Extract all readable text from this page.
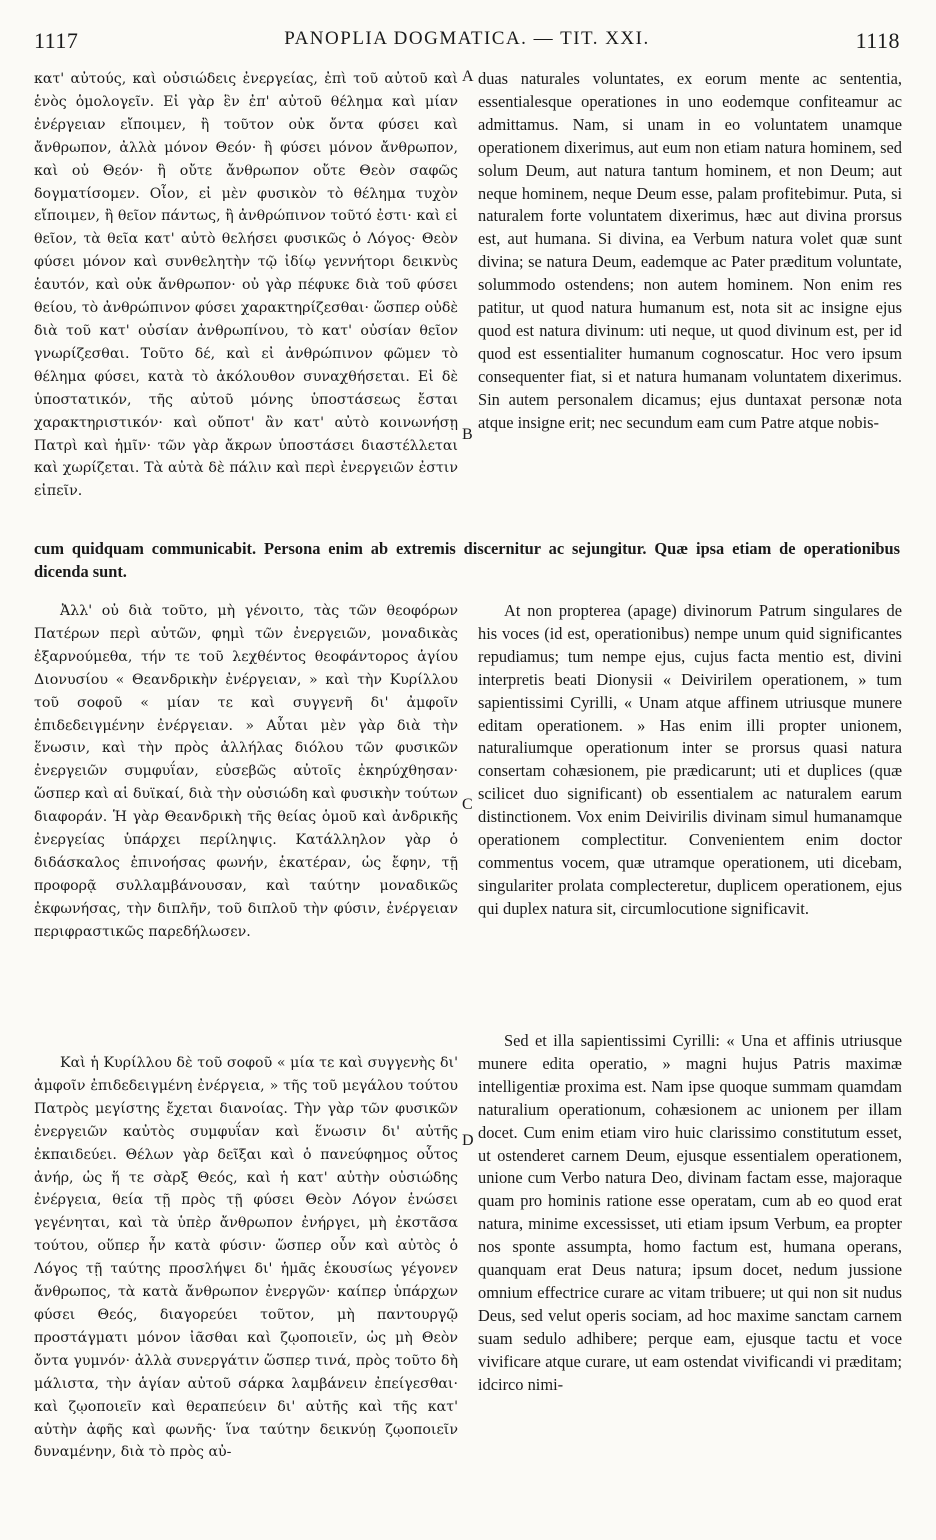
1117	PANOPLIA DOGMATICA. — TIT. XXI.	1118

κατ' αὐτούς, καὶ οὐσιώδεις ἐνεργείας, ἐπὶ τοῦ αὐτοῦ καὶ ἑνὸς ὁμολογεῖν. Εἰ γὰρ ἓν ἐπ' αὐτοῦ θέλημα καὶ μίαν ἐνέργειαν εἴποιμεν, ἢ τοῦτον οὐκ ὄντα φύσει καὶ ἄνθρωπον, ἀλλὰ μόνον Θεόν· ἢ φύσει μόνον ἄνθρωπον, καὶ οὐ Θεόν· ἢ οὔτε ἄνθρωπον οὔτε Θεὸν σαφῶς δογματίσομεν. Οἷον, εἰ μὲν φυσικὸν τὸ θέλημα τυχὸν εἴποιμεν, ἢ θεῖον πάντως, ἢ ἀνθρώπινον τοῦτό ἐστι· καὶ εἰ θεῖον, τὰ θεῖα κατ' αὐτὸ θελήσει φυσικῶς ὁ Λόγος· Θεὸν φύσει μόνον καὶ συνθελητὴν τῷ ἰδίῳ γεννήτορι δεικνὺς ἑαυτόν, καὶ οὐκ ἄνθρωπον· οὐ γὰρ πέφυκε διὰ τοῦ φύσει θείου, τὸ ἀνθρώπινον φύσει χαρακτηρίζεσθαι· ὥσπερ οὐδὲ διὰ τοῦ κατ' οὐσίαν ἀνθρωπίνου, τὸ κατ' οὐσίαν θεῖον γνωρίζεσθαι. Τοῦτο δέ, καὶ εἰ ἀνθρώπινον φῶμεν τὸ θέλημα φύσει, κατὰ τὸ ἀκόλουθον συναχθήσεται. Εἰ δὲ ὑποστατικόν, τῆς αὐτοῦ μόνης ὑποστάσεως ἔσται χαρακτηριστικόν· καὶ οὔποτ' ἂν κατ' αὐτὸ κοινωνήσῃ Πατρὶ καὶ ἡμῖν· τῶν γὰρ ἄκρων ὑποστάσει διαστέλλεται καὶ χωρίζεται. Τὰ αὐτὰ δὲ πάλιν καὶ περὶ ἐνεργειῶν ἐστιν εἰπεῖν.

duas naturales voluntates, ex eorum mente ac sententia, essentialesque operationes in uno eodemque confiteamur ac admittamus. Nam, si unam in eo voluntatem unamque operationem dixerimus, aut eum non etiam natura hominem, sed solum Deum, aut natura tantum hominem, et non Deum; aut neque hominem, neque Deum esse, palam profitebimur. Puta, si naturalem forte voluntatem dixerimus, hæc aut divina prorsus est, aut humana. Si divina, ea Verbum natura volet quæ sunt divina; se natura Deum, eademque ac Pater præditum voluntate, solummodo ostendens; non autem hominem. Non enim res patitur, ut quod natura humanum est, nota sit ac insigne ejus quod est natura divinum: uti neque, ut quod divinum est, per id quod est essentialiter humanum cognoscatur. Hoc vero ipsum consequenter fiat, si et natura humanam voluntatem dixerimus. Sin autem personalem dicamus; ejus duntaxat personæ nota atque insigne erit; nec secundum eam cum Patre atque nobis-

A
B
cum quidquam communicabit. Persona enim ab extremis discernitur ac sejungitur. Quæ ipsa etiam de operationibus dicenda sunt.

Ἀλλ' οὐ διὰ τοῦτο, μὴ γένοιτο, τὰς τῶν θεοφόρων Πατέρων περὶ αὐτῶν, φημὶ τῶν ἐνεργειῶν, μοναδικὰς ἐξαρνούμεθα, τήν τε τοῦ λεχθέντος θεοφάντορος ἁγίου Διονυσίου « Θεανδρικὴν ἐνέργειαν, » καὶ τὴν Κυρίλλου τοῦ σοφοῦ « μίαν τε καὶ συγγενῆ δι' ἀμφοῖν ἐπιδεδειγμένην ἐνέργειαν. » Αὗται μὲν γὰρ διὰ τὴν ἕνωσιν, καὶ τὴν πρὸς ἀλλήλας διόλου τῶν φυσικῶν ἐνεργειῶν συμφυΐαν, εὐσεβῶς αὐτοῖς ἐκηρύχθησαν· ὥσπερ καὶ αἱ δυϊκαί, διὰ τὴν οὐσιώδη καὶ φυσικὴν τούτων διαφοράν. Ἡ γὰρ Θεανδρικὴ τῆς θείας ὁμοῦ καὶ ἀνδρικῆς ἐνεργείας ὑπάρχει περίληψις. Κατάλληλον γὰρ ὁ διδάσκαλος ἐπινοήσας φωνήν, ἑκατέραν, ὡς ἔφην, τῇ προφορᾷ συλλαμβάνουσαν, καὶ ταύτην μοναδικῶς ἐκφωνήσας, τὴν διπλῆν, τοῦ διπλοῦ τὴν φύσιν, ἐνέργειαν περιφραστικῶς παρεδήλωσεν.

At non propterea (apage) divinorum Patrum singulares de his voces (id est, operationibus) nempe unum quid significantes repudiamus; tum nempe ejus, cujus facta mentio est, divini interpretis beati Dionysii « Deivirilem operationem, » tum sapientissimi Cyrilli, « Unam atque affinem utriusque munere editam operationem. » Has enim illi propter unionem, naturaliumque operationum inter se prorsus quasi natura consertam cohæsionem, pie prædicarunt; uti et duplices (quæ scilicet duo significant) ob essentialem ac naturalem earum distinctionem. Vox enim Deivirilis divinam simul humanamque operationem complectitur. Convenientem enim doctor commentus vocem, quæ utramque operationem, uti dicebam, singulariter prolata complecteretur, duplicem operationem, ejus qui duplex natura sit, circumlocutione significavit.

C

Καὶ ἡ Κυρίλλου δὲ τοῦ σοφοῦ « μία τε καὶ συγγενὴς δι' ἀμφοῖν ἐπιδεδειγμένη ἐνέργεια, » τῆς τοῦ μεγάλου τούτου Πατρὸς μεγίστης ἔχεται διανοίας. Τὴν γὰρ τῶν φυσικῶν ἐνεργειῶν καὐτὸς συμφυΐαν καὶ ἕνωσιν δι' αὐτῆς ἐκπαιδεύει. Θέλων γὰρ δεῖξαι καὶ ὁ πανεύφημος οὗτος ἀνήρ, ὡς ἥ τε σὰρξ Θεός, καὶ ἡ κατ' αὐτὴν οὐσιώδης ἐνέργεια, θεία τῇ πρὸς τῇ φύσει Θεὸν Λόγον ἑνώσει γεγένηται, καὶ τὰ ὑπὲρ ἄνθρωπον ἐνήργει, μὴ ἐκστᾶσα τούτου, οὕπερ ἦν κατὰ φύσιν· ὥσπερ οὖν καὶ αὐτὸς ὁ Λόγος τῇ ταύτης προσλήψει δι' ἡμᾶς ἑκουσίως γέγονεν ἄνθρωπος, τὰ κατὰ ἄνθρωπον ἐνεργῶν· καίπερ ὑπάρχων φύσει Θεός, διαγορεύει τοῦτον, μὴ παντουργῷ προστάγματι μόνον ἰᾶσθαι καὶ ζῳοποιεῖν, ὡς μὴ Θεὸν ὄντα γυμνόν· ἀλλὰ συνεργάτιν ὥσπερ τινά, πρὸς τοῦτο δὴ μάλιστα, τὴν ἁγίαν αὐτοῦ σάρκα λαμβάνειν ἐπείγεσθαι· καὶ ζῳοποιεῖν καὶ θεραπεύειν δι' αὐτῆς καὶ τῆς κατ' αὐτὴν ἀφῆς καὶ φωνῆς· ἵνα ταύτην δεικνύῃ ζῳοποιεῖν δυναμένην, διὰ τὸ πρὸς αὐ-

Sed et illa sapientissimi Cyrilli: « Una et affinis utriusque munere edita operatio, » magni hujus Patris maximæ intelligentiæ proxima est. Nam ipse quoque summam quamdam naturalium operationum, cohæsionem ac unionem per illam docet. Cum enim etiam viro huic clarissimo constitutum esset, ut ostenderet carnem Deum, ejusque essentialem operationem, unione cum Verbo natura Deo, divinam factam esse, majoraque quam pro hominis ratione esse operatam, cum ab eo quod erat natura, minime excessisset, uti etiam ipsum Verbum, ea propter nos sponte assumpta, homo factum est, humana operans, quanquam erat Deus natura; ipsum docet, nedum jussione omnium effectrice curare ac vitam tribuere; ut qui non sit nudus Deus, sed velut operis sociam, ad hoc maxime sanctam carnem suam sedulo adhibere; perque eam, ejusque tactu et voce vivificare atque curare, ut eam ostendat vivificandi vi præditam; idcirco nimi-

D
